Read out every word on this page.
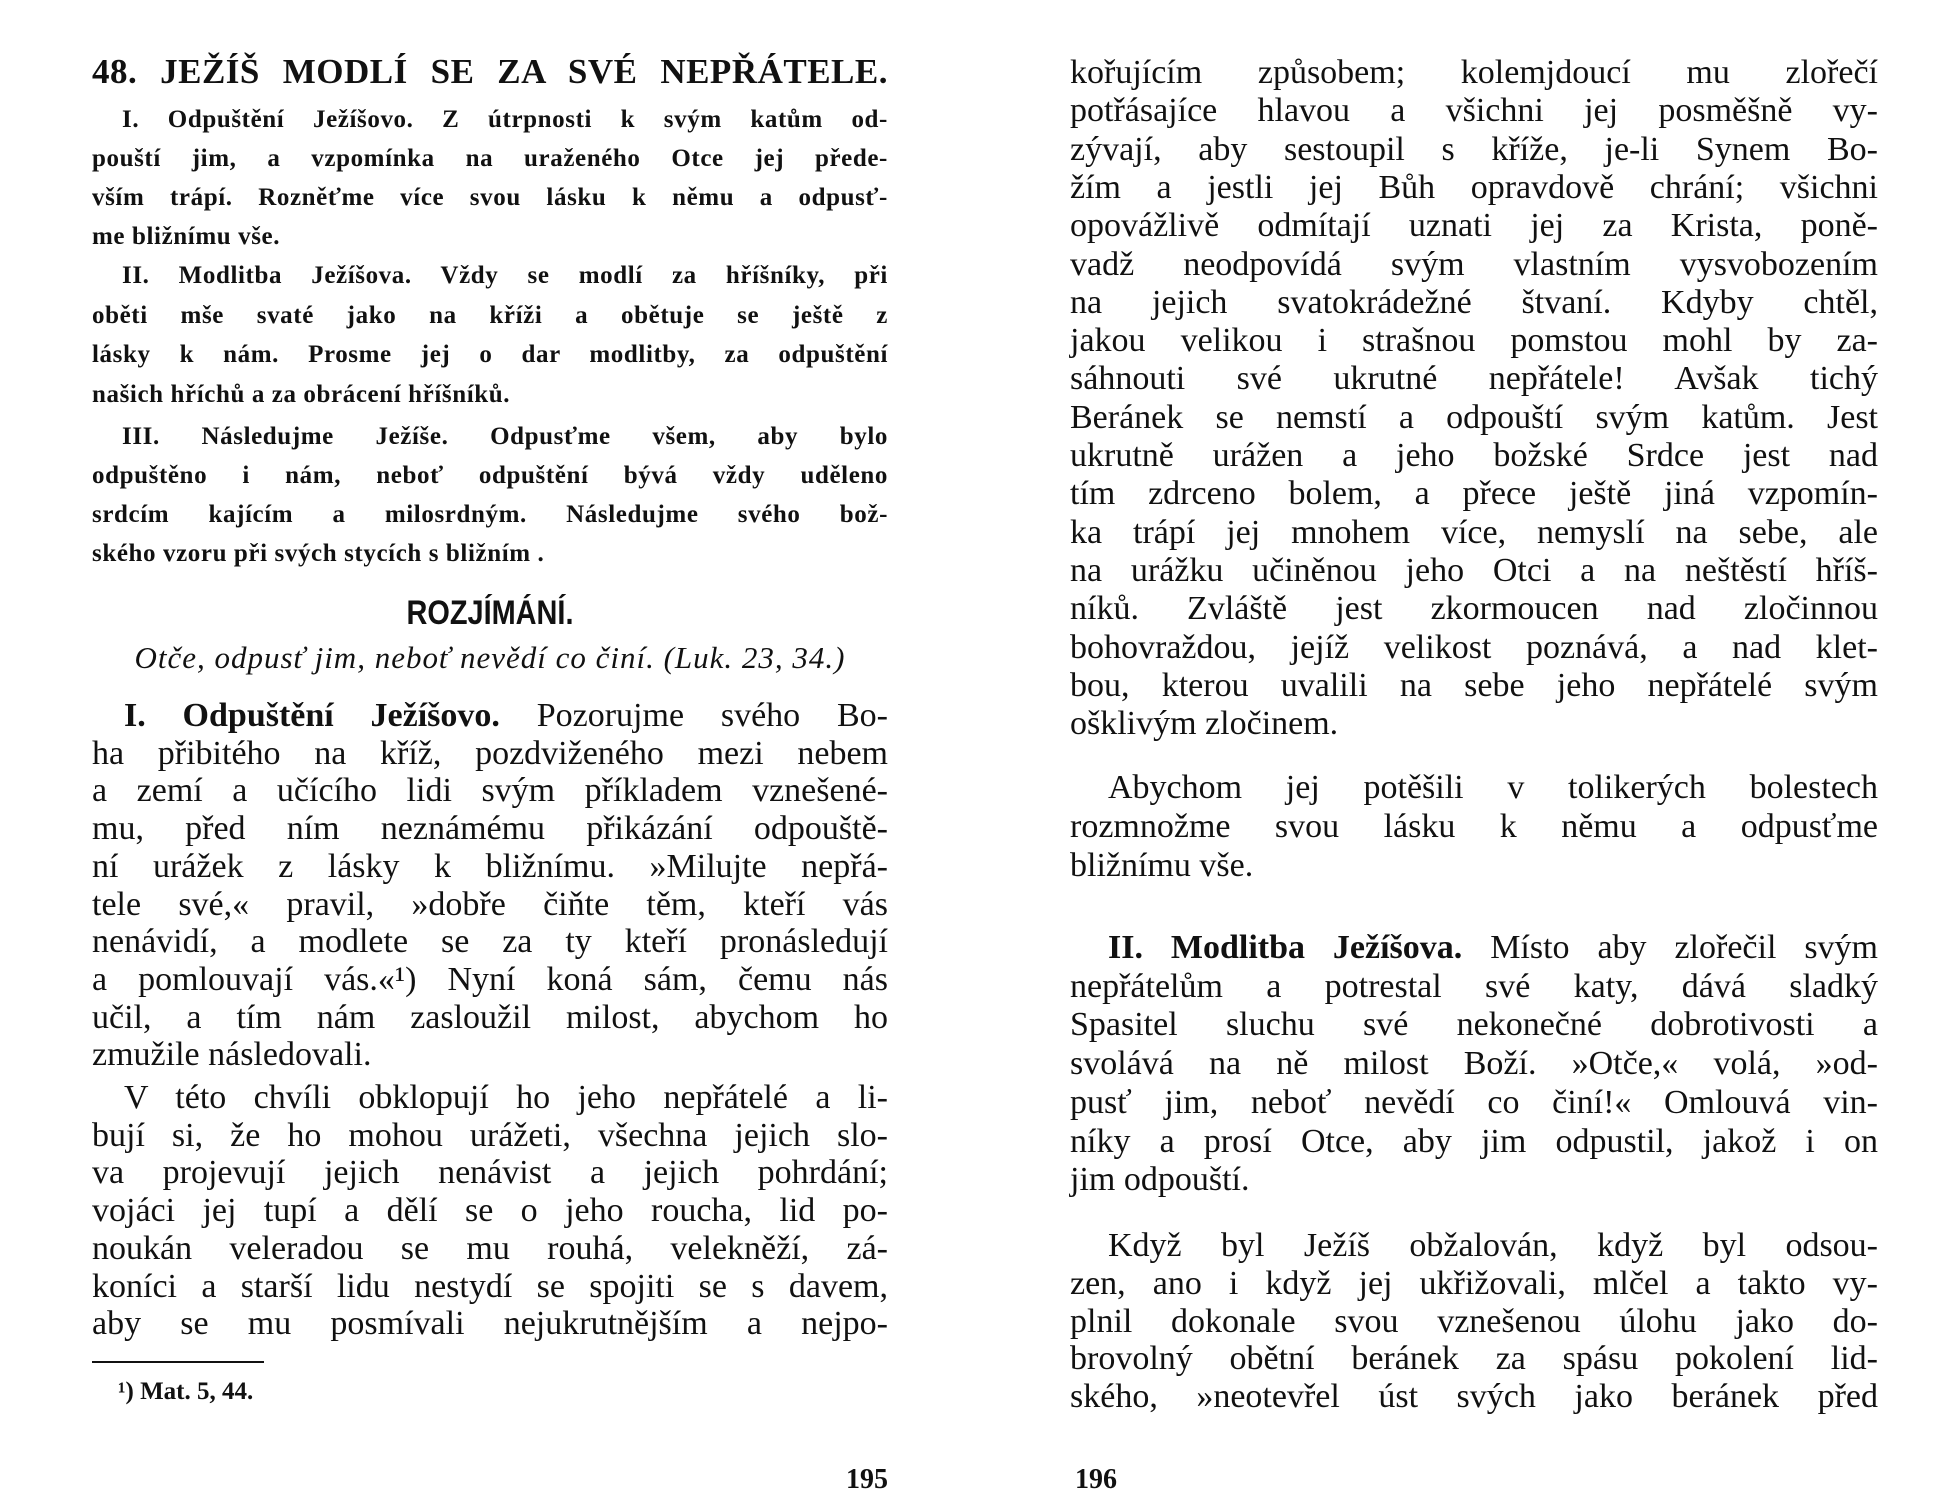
48. JEŽÍŠ MODLÍ SE ZA SVÉ NEPŘÁTELE.
I. Odpuštění Ježíšovo. Z útrpnosti k svým katům od-
pouští jim, a vzpomínka na uraženého Otce jej přede-
vším trápí. Rozněťme více svou lásku k němu a odpusť-
me bližnímu vše.
II. Modlitba Ježíšova. Vždy se modlí za hříšníky, při
oběti mše svaté jako na kříži a obětuje se ještě z
lásky k nám. Prosme jej o dar modlitby, za odpuštění
našich hříchů a za obrácení hříšníků.
III. Následujme Ježíše. Odpusťme všem, aby bylo
odpuštěno i nám, neboť odpuštění bývá vždy uděleno
srdcím kajícím a milosrdným. Následujme svého bož-
ského vzoru při svých stycích s bližním .
ROZJÍMÁNÍ.
Otče, odpusť jim, neboť nevědí co činí. (Luk. 23, 34.)
I. Odpuštění Ježíšovo. Pozorujme svého Bo-
ha přibitého na kříž, pozdviženého mezi nebem
a zemí a učícího lidi svým příkladem vznešené-
mu, před ním neznámému přikázání odpouště-
ní urážek z lásky k bližnímu. »Milujte nepřá-
tele své,« pravil, »dobře čiňte těm, kteří vás
nenávidí, a modlete se za ty kteří pronásledují
a pomlouvají vás.«¹) Nyní koná sám, čemu nás
učil, a tím nám zasloužil milost, abychom ho
zmužile následovali.
V této chvíli obklopují ho jeho nepřátelé a li-
bují si, že ho mohou urážeti, všechna jejich slo-
va projevují jejich nenávist a jejich pohrdání;
vojáci jej tupí a dělí se o jeho roucha, lid po-
noukán veleradou se mu rouhá, velekněží, zá-
koníci a starší lidu nestydí se spojiti se s davem,
aby se mu posmívali nejukrutnějším a nejpo-
¹) Mat. 5, 44.
195
kořujícím způsobem; kolemjdoucí mu zlořečí
potřásajíce hlavou a všichni jej posměšně vy-
zývají, aby sestoupil s kříže, je-li Synem Bo-
žím a jestli jej Bůh opravdově chrání; všichni
opovážlivě odmítají uznati jej za Krista, poně-
vadž neodpovídá svým vlastním vysvobozením
na jejich svatokrádežné štvaní. Kdyby chtěl,
jakou velikou i strašnou pomstou mohl by za-
sáhnouti své ukrutné nepřátele! Avšak tichý
Beránek se nemstí a odpouští svým katům. Jest
ukrutně urážen a jeho božské Srdce jest nad
tím zdrceno bolem, a přece ještě jiná vzpomín-
ka trápí jej mnohem více, nemyslí na sebe, ale
na urážku učiněnou jeho Otci a na neštěstí hříš-
níků. Zvláště jest zkormoucen nad zločinnou
bohovraždou, jejíž velikost poznává, a nad klet-
bou, kterou uvalili na sebe jeho nepřátelé svým
ošklivým zločinem.
Abychom jej potěšili v tolikerých bolestech
rozmnožme svou lásku k němu a odpusťme
bližnímu vše.
II. Modlitba Ježíšova. Místo aby zlořečil svým
nepřátelům a potrestal své katy, dává sladký
Spasitel sluchu své nekonečné dobrotivosti a
svolává na ně milost Boží. »Otče,« volá, »od-
pusť jim, neboť nevědí co činí!« Omlouvá vin-
níky a prosí Otce, aby jim odpustil, jakož i on
jim odpouští.
Když byl Ježíš obžalován, když byl odsou-
zen, ano i když jej ukřižovali, mlčel a takto vy-
plnil dokonale svou vznešenou úlohu jako do-
brovolný obětní beránek za spásu pokolení lid-
ského, »neotevřel úst svých jako beránek před
196
